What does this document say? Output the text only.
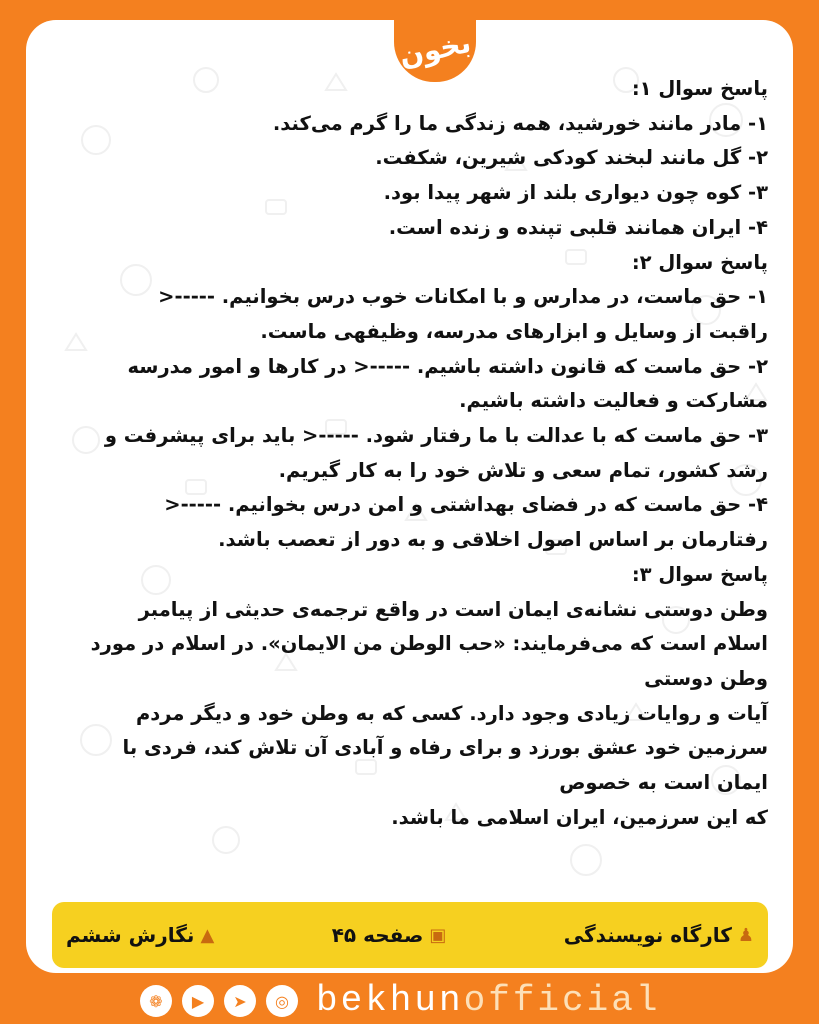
بخون

پاسخ سوال ۱:

۱- مادر مانند خورشید، همه زندگی ما را گرم می‌کند.

۲- گل مانند لبخند کودکی شیرین، شکفت.

۳- کوه چون دیواری بلند از شهر پیدا بود.

۴- ایران همانند قلبی تپنده و زنده است.

پاسخ سوال ۲:

۱- حق ماست، در مدارس و با امکانات خوب درس بخوانیم. -----<

راقبت از وسایل و ابزارهای مدرسه، وظیفهی ماست.

۲- حق ماست که قانون داشته باشیم. -----< در کارها و امور مدرسه

مشارکت و فعالیت داشته باشیم.

۳- حق ماست که با عدالت با ما رفتار شود. -----< باید برای پیشرفت و

رشد کشور، تمام سعی و تلاش خود را به کار گیریم.

۴- حق ماست که در فضای بهداشتی و امن درس بخوانیم. -----<

رفتارمان بر اساس اصول اخلاقی و به دور از تعصب باشد.

پاسخ سوال ۳:

وطن دوستی نشانه‌ی ایمان است در واقع ترجمه‌ی حدیثی از پیامبر

اسلام است که می‌فرمایند: «حب الوطن من الایمان». در اسلام در مورد

وطن دوستی

آیات و روایات زیادی وجود دارد. کسی که به وطن خود و دیگر مردم

سرزمین خود عشق بورزد و برای رفاه و آبادی آن تلاش کند، فردی با

ایمان است به خصوص

که این سرزمین، ایران اسلامی ما باشد.

♟
کارگاه نویسندگی
▣
صفحه ۴۵
▲
نگارش ششم
❁	▶	➤	◎ bekhunofficial
